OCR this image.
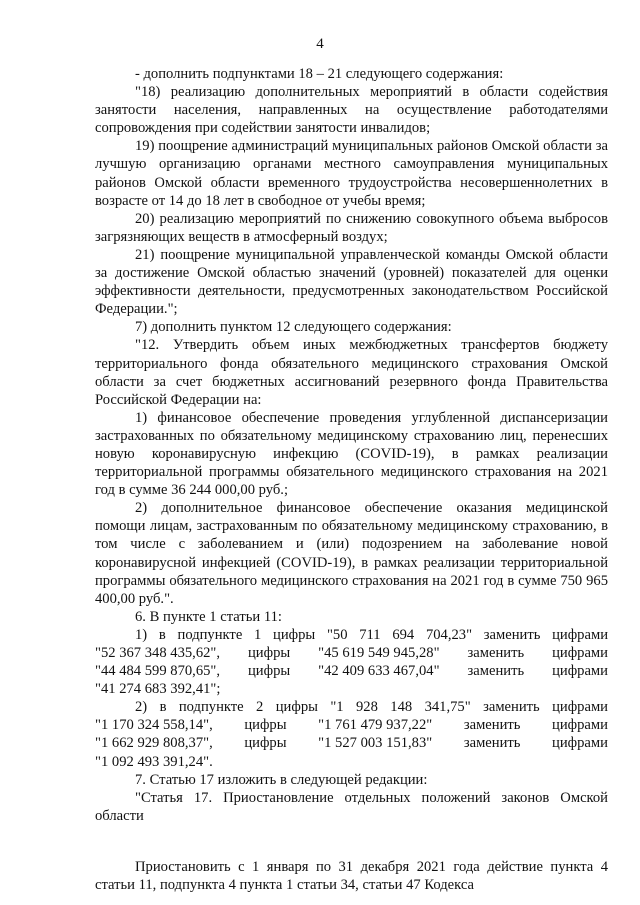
4

- дополнить подпунктами 18 – 21 следующего содержания:

"18) реализацию дополнительных мероприятий в области содействия занятости населения, направленных на осуществление работодателями сопровождения при содействии занятости инвалидов;

19) поощрение администраций муниципальных районов Омской области за лучшую организацию органами местного самоуправления муниципальных районов Омской области временного трудоустройства несовершеннолетних в возрасте от 14 до 18 лет в свободное от учебы время;

20) реализацию мероприятий по снижению совокупного объема выбросов загрязняющих веществ в атмосферный воздух;

21) поощрение муниципальной управленческой команды Омской области за достижение Омской областью значений (уровней) показателей для оценки эффективности деятельности, предусмотренных законодательством Российской Федерации.";

7) дополнить пунктом 12 следующего содержания:

"12. Утвердить объем иных межбюджетных трансфертов бюджету территориального фонда обязательного медицинского страхования Омской области за счет бюджетных ассигнований резервного фонда Правительства Российской Федерации на:

1) финансовое обеспечение проведения углубленной диспансеризации застрахованных по обязательному медицинскому страхованию лиц, перенесших новую коронавирусную инфекцию (COVID-19), в рамках реализации территориальной программы обязательного медицинского страхования на 2021 год в сумме 36 244 000,00 руб.;

2) дополнительное финансовое обеспечение оказания медицинской помощи лицам, застрахованным по обязательному медицинскому страхованию, в том числе с заболеванием и (или) подозрением на заболевание новой коронавирусной инфекцией (COVID-19), в рамках реализации территориальной программы обязательного медицинского страхования на 2021 год в сумме 750 965 400,00 руб.".

6. В пункте 1 статьи 11:

1) в подпункте 1 цифры "50 711 694 704,23" заменить цифрами

"52 367 348 435,62", цифры "45 619 549 945,28" заменить цифрами
"44 484 599 870,65", цифры "42 409 633 467,04" заменить цифрами

"41 274 683 392,41";

2) в подпункте 2 цифры "1 928 148 341,75" заменить цифрами

"1 170 324 558,14", цифры "1 761 479 937,22" заменить цифрами
"1 662 929 808,37", цифры "1 527 003 151,83" заменить цифрами

"1 092 493 391,24".

7. Статью 17 изложить в следующей редакции:

"Статья 17. Приостановление отдельных положений законов Омской области

Приостановить с 1 января по 31 декабря 2021 года действие пункта 4 статьи 11, подпункта 4 пункта 1 статьи 34, статьи 47 Кодекса
